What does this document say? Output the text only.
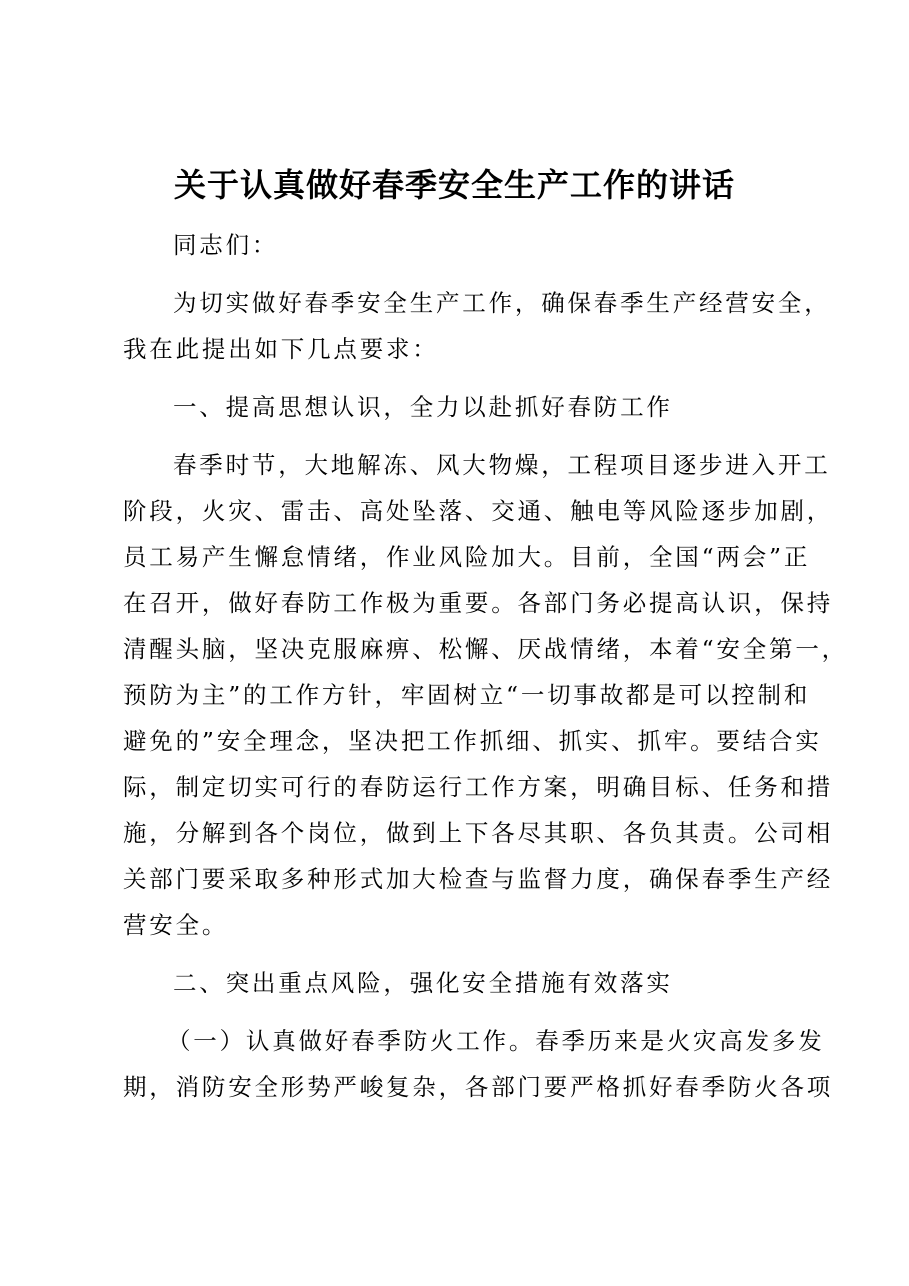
关于认真做好春季安全生产工作的讲话

同志们：

为切实做好春季安全生产工作，确保春季生产经营安全，
我在此提出如下几点要求：

一、提高思想认识，全力以赴抓好春防工作

春季时节，大地解冻、风大物燥，工程项目逐步进入开工
阶段，火灾、雷击、高处坠落、交通、触电等风险逐步加剧，
员工易产生懈怠情绪，作业风险加大。目前，全国“两会”正
在召开，做好春防工作极为重要。各部门务必提高认识，保持
清醒头脑，坚决克服麻痹、松懈、厌战情绪，本着“安全第一，
预防为主”的工作方针，牢固树立“一切事故都是可以控制和
避免的”安全理念，坚决把工作抓细、抓实、抓牢。要结合实
际，制定切实可行的春防运行工作方案，明确目标、任务和措
施，分解到各个岗位，做到上下各尽其职、各负其责。公司相
关部门要采取多种形式加大检查与监督力度，确保春季生产经
营安全。

二、突出重点风险，强化安全措施有效落实

（一）认真做好春季防火工作。春季历来是火灾高发多发
期，消防安全形势严峻复杂，各部门要严格抓好春季防火各项
